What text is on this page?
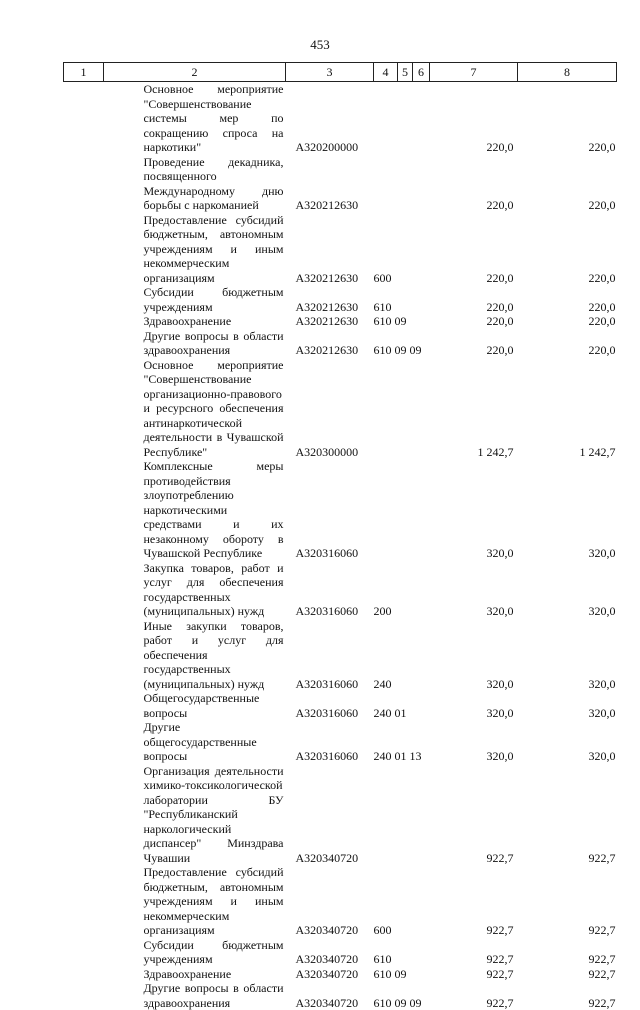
453
1	2	3	4	5	6	7	8
	Основное мероприятие "Совершенствование системы мер по сокращению спроса на наркотики"	А320200000				220,0	220,0
	Проведение декадника, посвященного Международному дню борьбы с наркоманией	А320212630				220,0	220,0
	Предоставление субсидий бюджетным, автономным учреждениям и иным некоммерческим организациям	А320212630	600			220,0	220,0
	Субсидии бюджетным учреждениям	А320212630	610			220,0	220,0
	Здравоохранение	А320212630	610 09			220,0	220,0
	Другие вопросы в области здравоохранения	А320212630	610 09 09			220,0	220,0
	Основное мероприятие "Совершенствование организационно-правового и ресурсного обеспечения антинаркотической деятельности в Чувашской Республике"	А320300000				1 242,7	1 242,7
	Комплексные меры противодействия злоупотреблению наркотическими средствами и их незаконному обороту в Чувашской Республике	А320316060				320,0	320,0
	Закупка товаров, работ и услуг для обеспечения государственных (муниципальных) нужд	А320316060	200			320,0	320,0
	Иные закупки товаров, работ и услуг для обеспечения государственных (муниципальных) нужд	А320316060	240			320,0	320,0
	Общегосударственные вопросы	А320316060	240 01			320,0	320,0
	Другие общегосударственные вопросы	А320316060	240 01 13			320,0	320,0
	Организация деятельности химико-токсикологической лаборатории БУ "Республиканский наркологический диспансер" Минздрава Чувашии	А320340720				922,7	922,7
	Предоставление субсидий бюджетным, автономным учреждениям и иным некоммерческим организациям	А320340720	600			922,7	922,7
	Субсидии бюджетным учреждениям	А320340720	610			922,7	922,7
	Здравоохранение	А320340720	610 09			922,7	922,7
	Другие вопросы в области здравоохранения	А320340720	610 09 09			922,7	922,7
